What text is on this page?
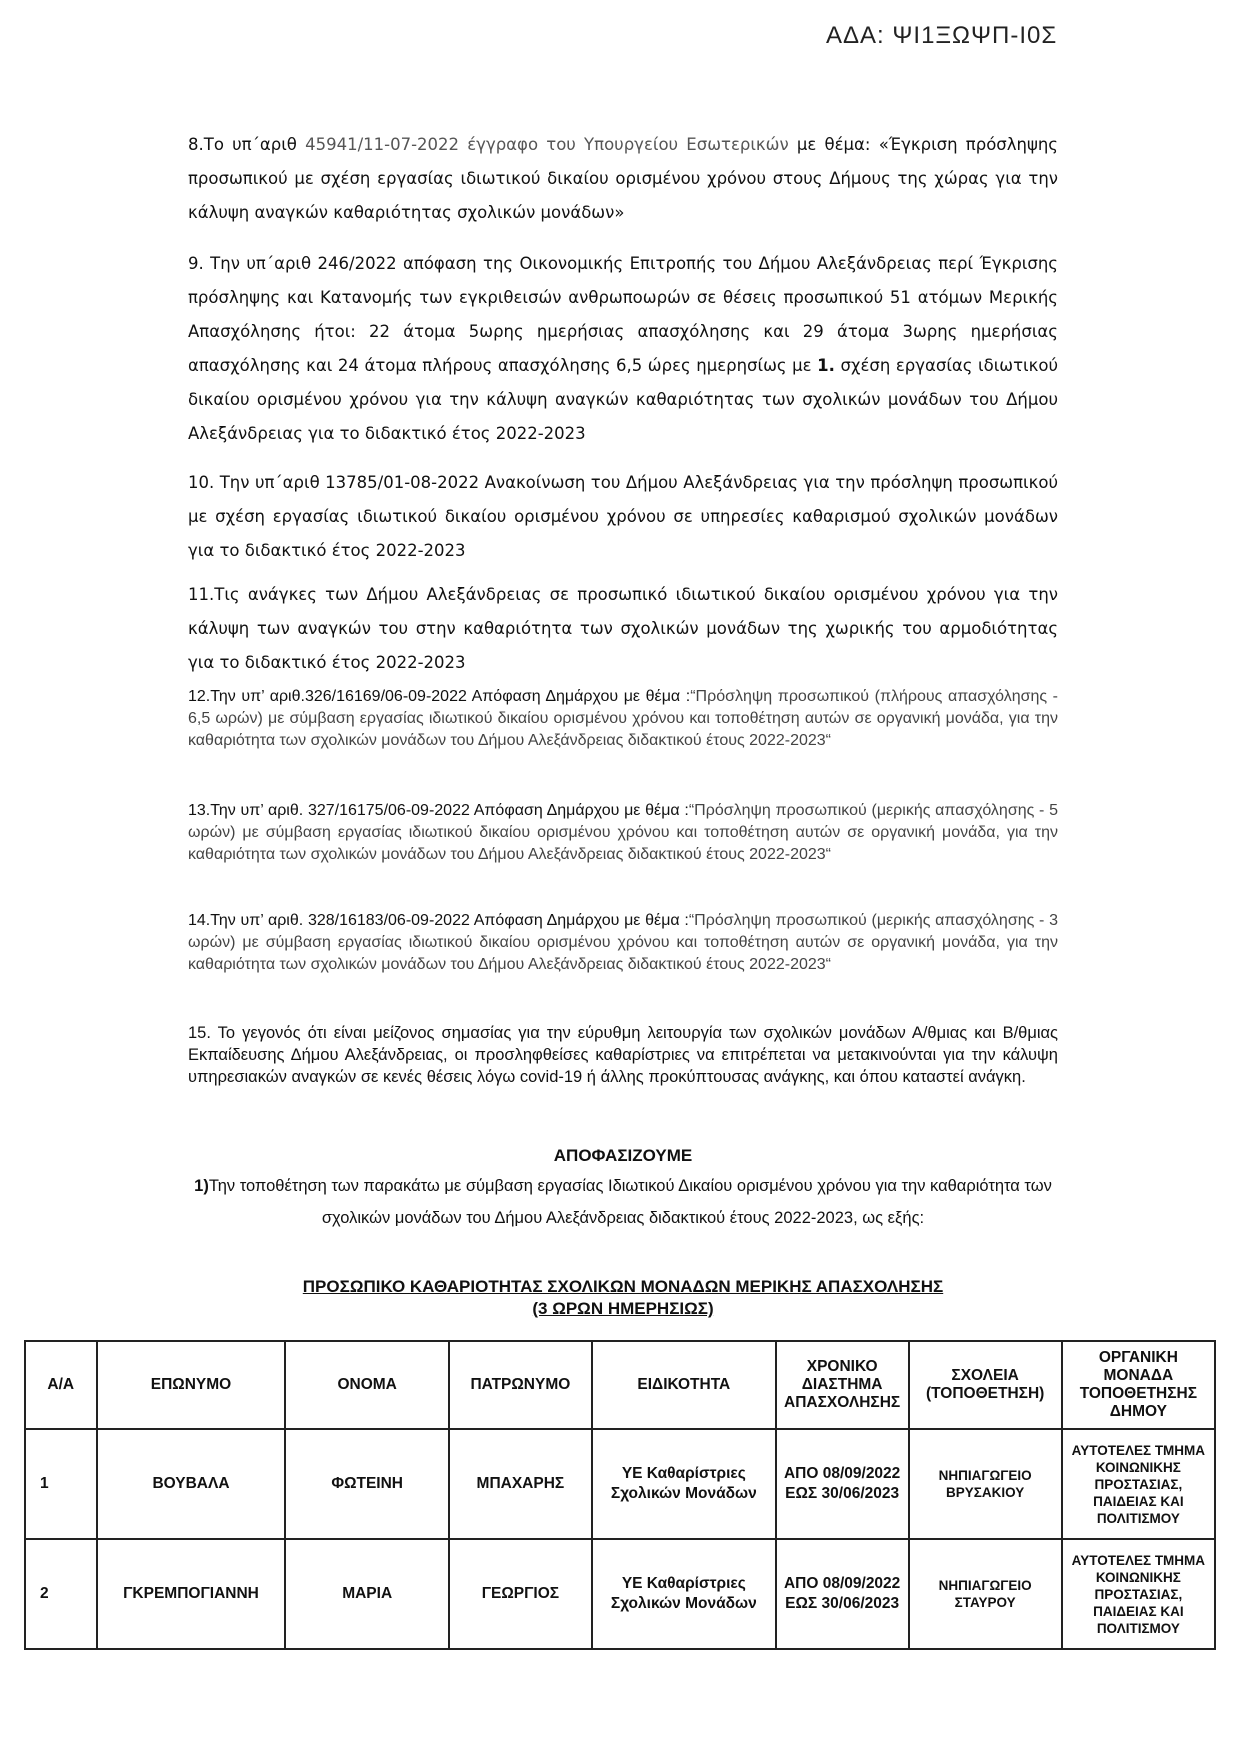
ΑΔΑ: ΨΙ1ΞΩΨΠ-Ι0Σ
8.Το υπ΄αριθ 45941/11-07-2022 έγγραφο του Υπουργείου Εσωτερικών με θέμα: «Έγκριση πρόσληψης προσωπικού με σχέση εργασίας ιδιωτικού δικαίου ορισμένου χρόνου στους Δήμους της χώρας για την κάλυψη αναγκών καθαριότητας σχολικών μονάδων»
9. Την υπ΄αριθ 246/2022 απόφαση της Οικονομικής Επιτροπής του Δήμου Αλεξάνδρειας περί Έγκρισης πρόσληψης και Κατανομής των εγκριθεισών ανθρωποωρών σε θέσεις προσωπικού 51 ατόμων Μερικής Απασχόλησης ήτοι: 22 άτομα 5ωρης ημερήσιας απασχόλησης και 29 άτομα 3ωρης ημερήσιας απασχόλησης και 24 άτομα πλήρους απασχόλησης 6,5 ώρες ημερησίως με 1. σχέση εργασίας ιδιωτικού δικαίου ορισμένου χρόνου για την κάλυψη αναγκών καθαριότητας των σχολικών μονάδων του Δήμου Αλεξάνδρειας για το διδακτικό έτος 2022-2023
10. Την υπ΄αριθ 13785/01-08-2022 Ανακοίνωση του Δήμου Αλεξάνδρειας για την πρόσληψη προσωπικού με σχέση εργασίας ιδιωτικού δικαίου ορισμένου χρόνου σε υπηρεσίες καθαρισμού σχολικών μονάδων για το διδακτικό έτος 2022-2023
11.Τις ανάγκες των Δήμου Αλεξάνδρειας σε προσωπικό ιδιωτικού δικαίου ορισμένου χρόνου για την κάλυψη των αναγκών του στην καθαριότητα των σχολικών μονάδων της χωρικής του αρμοδιότητας για το διδακτικό έτος 2022-2023
12.Την υπ’ αριθ.326/16169/06-09-2022 Απόφαση Δημάρχου με θέμα :“Πρόσληψη προσωπικού (πλήρους απασχόλησης - 6,5 ωρών) με σύμβαση εργασίας ιδιωτικού δικαίου ορισμένου χρόνου και τοποθέτηση αυτών σε οργανική μονάδα, για την καθαριότητα των σχολικών μονάδων του Δήμου Αλεξάνδρειας διδακτικού έτους 2022-2023“
13.Την υπ’ αριθ. 327/16175/06-09-2022 Απόφαση Δημάρχου με θέμα :“Πρόσληψη προσωπικού (μερικής απασχόλησης - 5 ωρών) με σύμβαση εργασίας ιδιωτικού δικαίου ορισμένου χρόνου και τοποθέτηση αυτών σε οργανική μονάδα, για την καθαριότητα των σχολικών μονάδων του Δήμου Αλεξάνδρειας διδακτικού έτους 2022-2023“
14.Την υπ’ αριθ. 328/16183/06-09-2022 Απόφαση Δημάρχου με θέμα :“Πρόσληψη προσωπικού (μερικής απασχόλησης - 3 ωρών) με σύμβαση εργασίας ιδιωτικού δικαίου ορισμένου χρόνου και τοποθέτηση αυτών σε οργανική μονάδα, για την καθαριότητα των σχολικών μονάδων του Δήμου Αλεξάνδρειας διδακτικού έτους 2022-2023“
15. Το γεγονός ότι είναι μείζονος σημασίας για την εύρυθμη λειτουργία των σχολικών μονάδων Α/θμιας και Β/θμιας Εκπαίδευσης Δήμου Αλεξάνδρειας, οι προσληφθείσες καθαρίστριες να επιτρέπεται να μετακινούνται για την κάλυψη υπηρεσιακών αναγκών σε κενές θέσεις λόγω covid-19 ή άλλης προκύπτουσας ανάγκης, και όπου καταστεί ανάγκη.
ΑΠΟΦΑΣΙΖΟΥΜΕ
1)Την τοποθέτηση των παρακάτω με σύμβαση εργασίας Ιδιωτικού Δικαίου ορισμένου χρόνου για την καθαριότητα των σχολικών μονάδων του Δήμου Αλεξάνδρειας διδακτικού έτους 2022-2023, ως εξής:
ΠΡΟΣΩΠΙΚΟ ΚΑΘΑΡΙΟΤΗΤΑΣ ΣΧΟΛΙΚΩΝ ΜΟΝΑΔΩΝ ΜΕΡΙΚΗΣ ΑΠΑΣΧΟΛΗΣΗΣ
(3 ΩΡΩΝ ΗΜΕΡΗΣΙΩΣ)
Α/Α	ΕΠΩΝΥΜΟ	ΟΝΟΜΑ	ΠΑΤΡΩΝΥΜΟ	ΕΙΔΙΚΟΤΗΤΑ	ΧΡΟΝΙΚΟ ΔΙΑΣΤΗΜΑ ΑΠΑΣΧΟΛΗΣΗΣ	ΣΧΟΛΕΙΑ (ΤΟΠΟΘΕΤΗΣΗ)	ΟΡΓΑΝΙΚΗ ΜΟΝΑΔΑ ΤΟΠΟΘΕΤΗΣΗΣ ΔΗΜΟΥ
1	ΒΟΥΒΑΛΑ	ΦΩΤΕΙΝΗ	ΜΠΑΧΑΡΗΣ	ΥΕ Καθαρίστριες Σχολικών Μονάδων	ΑΠΟ 08/09/2022 ΕΩΣ 30/06/2023	ΝΗΠΙΑΓΩΓΕΙΟ ΒΡΥΣΑΚΙΟΥ	ΑΥΤΟΤΕΛΕΣ ΤΜΗΜΑ ΚΟΙΝΩΝΙΚΗΣ ΠΡΟΣΤΑΣΙΑΣ, ΠΑΙΔΕΙΑΣ ΚΑΙ ΠΟΛΙΤΙΣΜΟΥ
2	ΓΚΡΕΜΠΟΓΙΑΝΝΗ	ΜΑΡΙΑ	ΓΕΩΡΓΙΟΣ	ΥΕ Καθαρίστριες Σχολικών Μονάδων	ΑΠΟ 08/09/2022 ΕΩΣ 30/06/2023	ΝΗΠΙΑΓΩΓΕΙΟ ΣΤΑΥΡΟΥ	ΑΥΤΟΤΕΛΕΣ ΤΜΗΜΑ ΚΟΙΝΩΝΙΚΗΣ ΠΡΟΣΤΑΣΙΑΣ, ΠΑΙΔΕΙΑΣ ΚΑΙ ΠΟΛΙΤΙΣΜΟΥ
